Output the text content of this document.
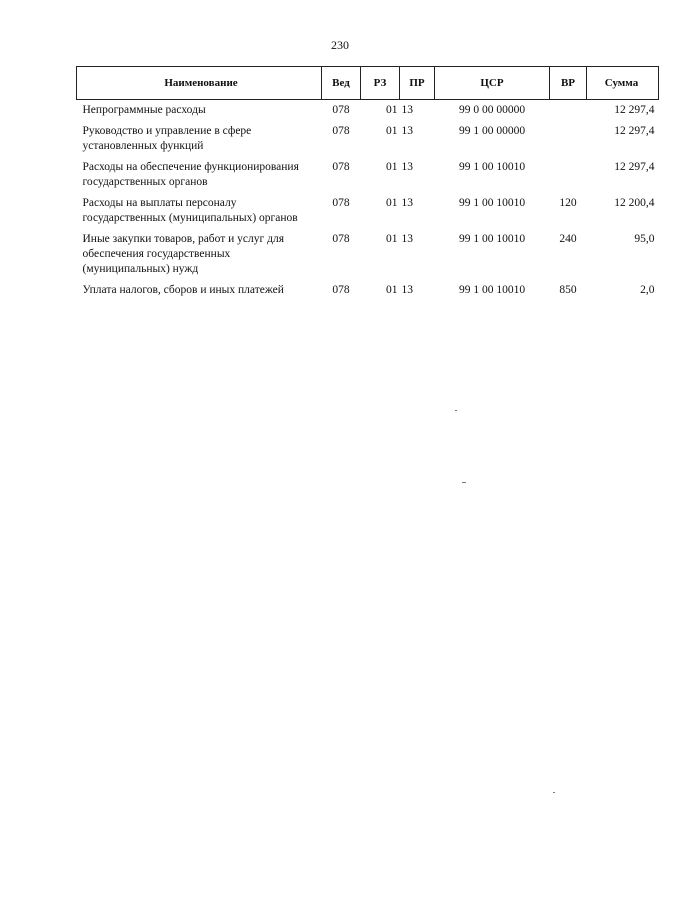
230
Наименование	Вед	РЗ	ПР	ЦСР	ВР	Сумма
Непрограммные расходы	078	01	13	99 0 00 00000		12 297,4
Руководство и управление в сфере установленных функций	078	01	13	99 1 00 00000		12 297,4
Расходы на обеспечение функционирования государственных органов	078	01	13	99 1 00 10010		12 297,4
Расходы на выплаты персоналу государственных (муниципальных) органов	078	01	13	99 1 00 10010	120	12 200,4
Иные закупки товаров, работ и услуг для обеспечения государственных (муниципальных) нужд	078	01	13	99 1 00 10010	240	95,0
Уплата налогов, сборов и иных платежей	078	01	13	99 1 00 10010	850	2,0
